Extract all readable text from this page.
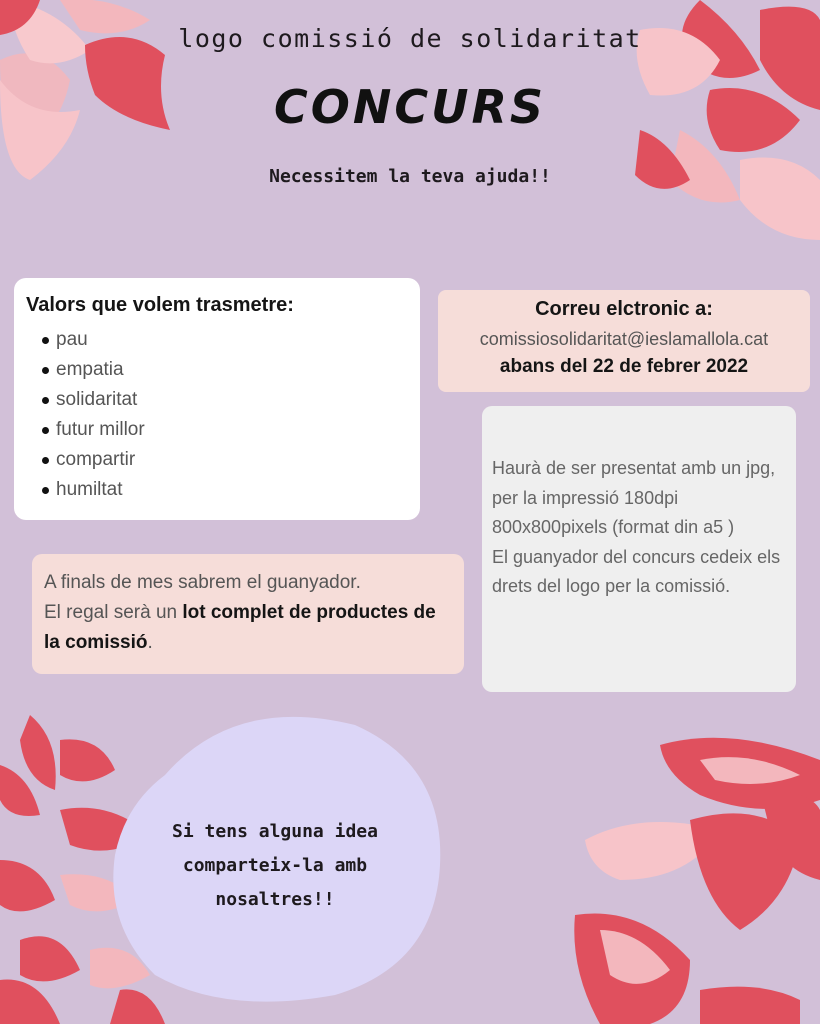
logo comissió de solidaritat
CONCURS
Necessitem la teva ajuda!!
Valors que volem trasmetre:
pau
empatia
solidaritat
futur millor
compartir
humiltat
Correu elctronic a:
comissiosolidaritat@ieslamallola.cat
abans del 22 de febrer 2022
Haurà de ser presentat amb un jpg, per la impressió 180dpi 800x800pixels (format din a5 )
El guanyador del concurs cedeix els drets del logo per la comissió.
A finals de mes sabrem el guanyador.
El regal serà un lot complet de productes de la comissió.
Si tens alguna idea comparteix-la amb nosaltres!!
